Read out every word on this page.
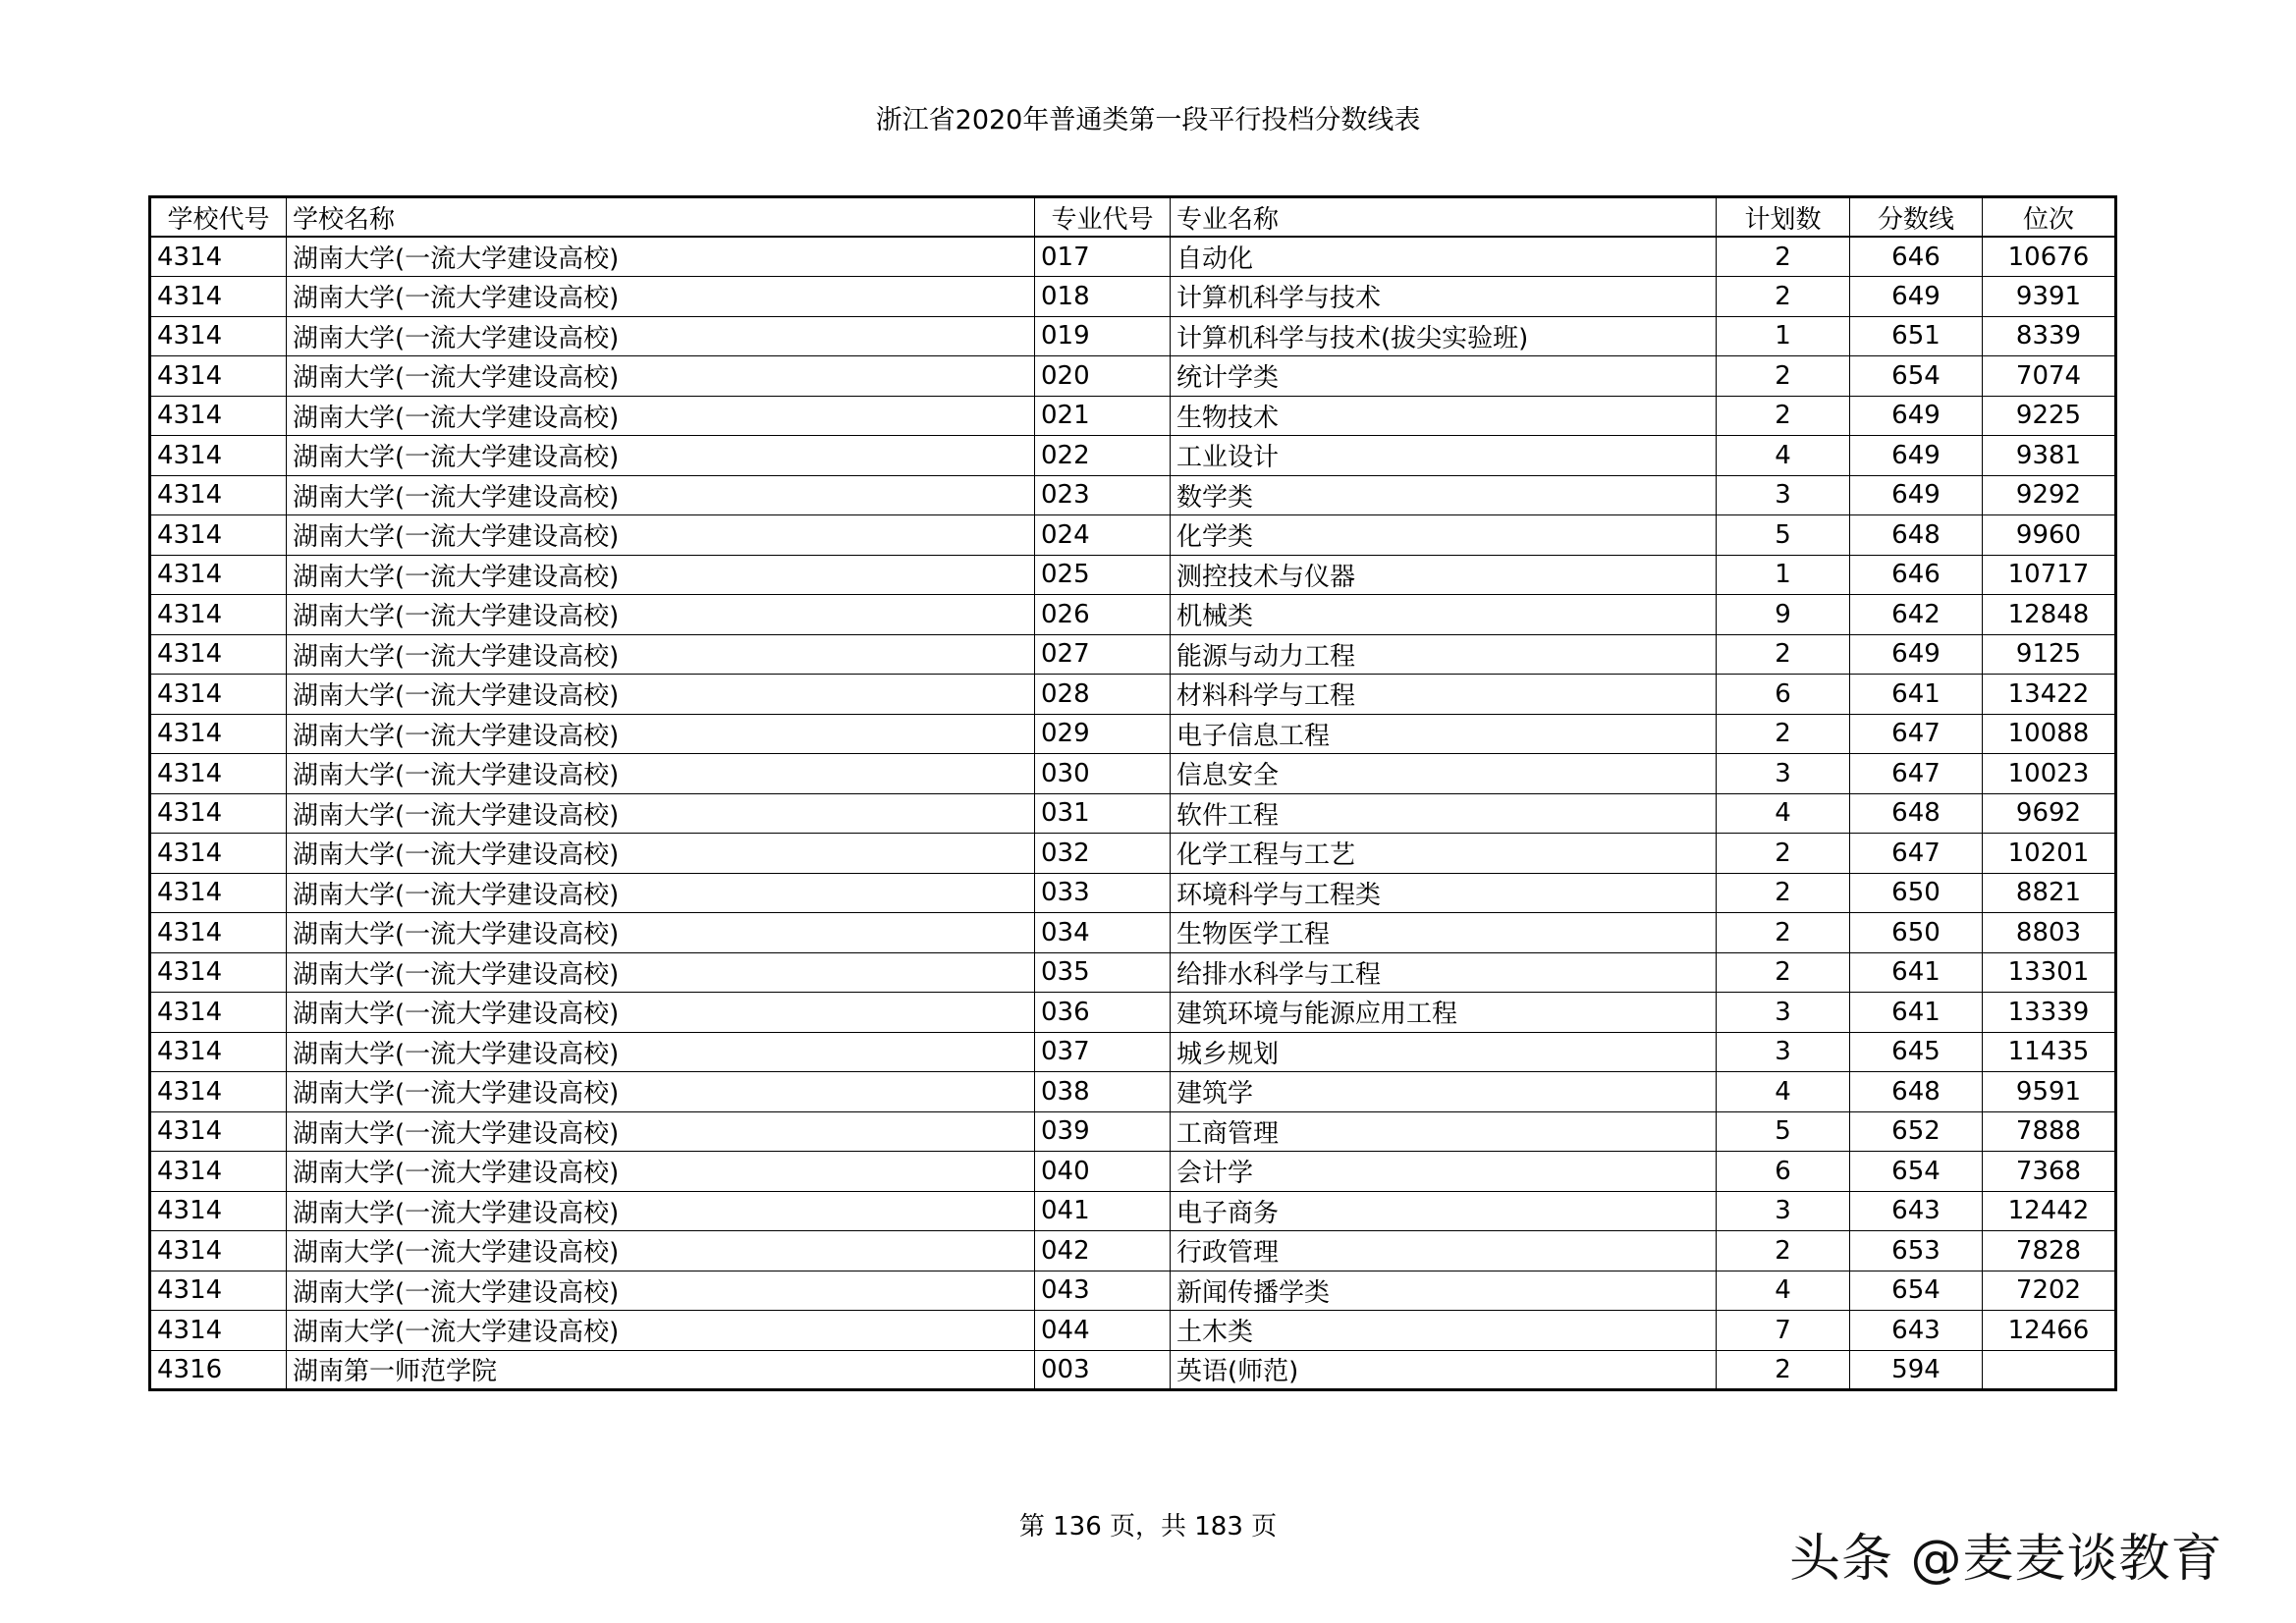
浙江省2020年普通类第一段平行投档分数线表
学校代号	学校名称	专业代号	专业名称	计划数	分数线	位次
4314	湖南大学(一流大学建设高校)	017	自动化	2	646	10676
4314	湖南大学(一流大学建设高校)	018	计算机科学与技术	2	649	9391
4314	湖南大学(一流大学建设高校)	019	计算机科学与技术(拔尖实验班)	1	651	8339
4314	湖南大学(一流大学建设高校)	020	统计学类	2	654	7074
4314	湖南大学(一流大学建设高校)	021	生物技术	2	649	9225
4314	湖南大学(一流大学建设高校)	022	工业设计	4	649	9381
4314	湖南大学(一流大学建设高校)	023	数学类	3	649	9292
4314	湖南大学(一流大学建设高校)	024	化学类	5	648	9960
4314	湖南大学(一流大学建设高校)	025	测控技术与仪器	1	646	10717
4314	湖南大学(一流大学建设高校)	026	机械类	9	642	12848
4314	湖南大学(一流大学建设高校)	027	能源与动力工程	2	649	9125
4314	湖南大学(一流大学建设高校)	028	材料科学与工程	6	641	13422
4314	湖南大学(一流大学建设高校)	029	电子信息工程	2	647	10088
4314	湖南大学(一流大学建设高校)	030	信息安全	3	647	10023
4314	湖南大学(一流大学建设高校)	031	软件工程	4	648	9692
4314	湖南大学(一流大学建设高校)	032	化学工程与工艺	2	647	10201
4314	湖南大学(一流大学建设高校)	033	环境科学与工程类	2	650	8821
4314	湖南大学(一流大学建设高校)	034	生物医学工程	2	650	8803
4314	湖南大学(一流大学建设高校)	035	给排水科学与工程	2	641	13301
4314	湖南大学(一流大学建设高校)	036	建筑环境与能源应用工程	3	641	13339
4314	湖南大学(一流大学建设高校)	037	城乡规划	3	645	11435
4314	湖南大学(一流大学建设高校)	038	建筑学	4	648	9591
4314	湖南大学(一流大学建设高校)	039	工商管理	5	652	7888
4314	湖南大学(一流大学建设高校)	040	会计学	6	654	7368
4314	湖南大学(一流大学建设高校)	041	电子商务	3	643	12442
4314	湖南大学(一流大学建设高校)	042	行政管理	2	653	7828
4314	湖南大学(一流大学建设高校)	043	新闻传播学类	4	654	7202
4314	湖南大学(一流大学建设高校)	044	土木类	7	643	12466
4316	湖南第一师范学院	003	英语(师范)	2	594	
第 136 页，共 183 页
头条 @麦麦谈教育
